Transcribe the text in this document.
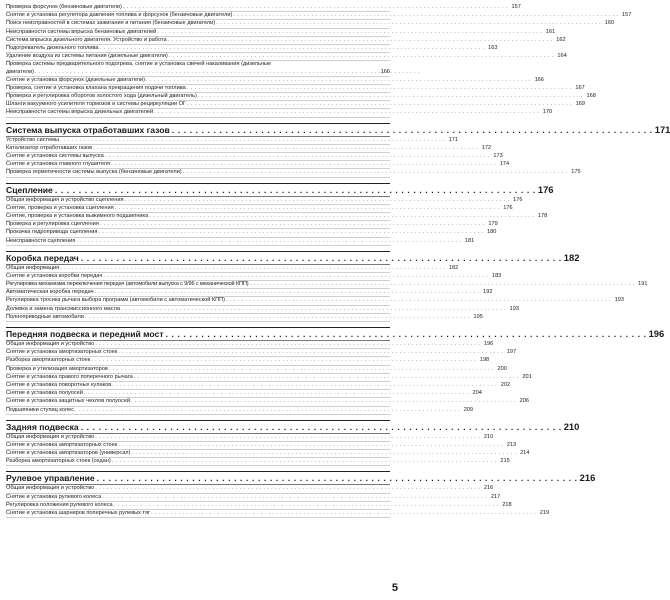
Проверка форсунок (бензиновые двигатели) . . .	157
Снятие и установка регулятора давления топлива и форсунок (бензиновые двигатели) . . .	157
Поиск неисправностей в системах зажигания и питания (бензиновые двигатели) . . .	160
Неисправности системы впрыска бензиновых двигателей . . .	161
Система впрыска дизельного двигателя. Устройство и работа . . .	162
Подогреватель дизельного топлива . . .	163
Удаление воздуха из системы питания (дизельные двигатели) . . .	164
Проверка системы предварительного подогрева, снятие и установка свечей накаливания (дизельные двигатели) . . .	166
Снятие и установка форсунок (дизельные двигатели) . . .	166
Проверка, снятие и установка клапана прекращения подачи топлива . . .	167
Проверка и регулировка оборотов холостого хода (дизельный двигатель) . . .	168
Шланги вакуумного усилителя тормозов и системы рециркуляции ОГ . . .	169
Неисправности системы впрыска дизельных двигателей . . .	170
Система выпуска отработавших газов . . .	171
Устройство системы . . .	171
Катализатор отработавших газов . . .	172
Снятие и установка системы выпуска . . .	173
Снятие и установка главного глушителя . . .	174
Проверка герметичности системы выпуска (бензиновые двигатели) . . .	175
Сцепление . . .	176
Общая информация и устройство сцепления . . .	176
Снятие, проверка и установка сцепления . . .	176
Снятие, проверка и установка выжимного подшипника . . .	178
Проверка и регулировка сцепления . . .	179
Прокачка гидропривода сцепления . . .	180
Неисправности сцепления . . .	181
Коробка передач . . .	182
Общая информация . . .	182
Снятие и установка коробки передач . . .	183
Регулировка механизма переключения передач (автомобили выпуска с 9/96 с механической КПП) . . .	191
Автоматическая коробка передач . . .	192
Регулировка тросика рычага выбора программ (автомобили с автоматической КПП) . . .	193
Доливка и замена трансмиссионного масла . . .	193
Полноприводные автомобили . . .	195
Передняя подвеска и передний мост . . .	196
Общая информация и устройство . . .	196
Снятие и установка амортизаторных стоек . . .	197
Разборка амортизаторных стоек . . .	198
Проверка и утилизация амортизаторов . . .	200
Снятие и установка правого поперечного рычага . . .	201
Снятие и установка поворотных кулаков . . .	202
Снятие и установка полуосей . . .	204
Снятие и установка защитных чехлов полуосей . . .	206
Подшипники ступиц колес . . .	209
Задняя подвеска . . .	210
Общая информация и устройство . . .	210
Снятие и установка амортизаторных стоек . . .	213
Снятие и установка амортизаторов (универсал) . . .	214
Разборка амортизаторных стоек (седан) . . .	215
Рулевое управление . . .	216
Общая информация и устройство . . .	216
Снятие и установка рулевого колеса . . .	217
Регулировка положения рулевого колеса . . .	218
Снятие и установка шарниров поперечных рулевых тяг . . .	219
5
